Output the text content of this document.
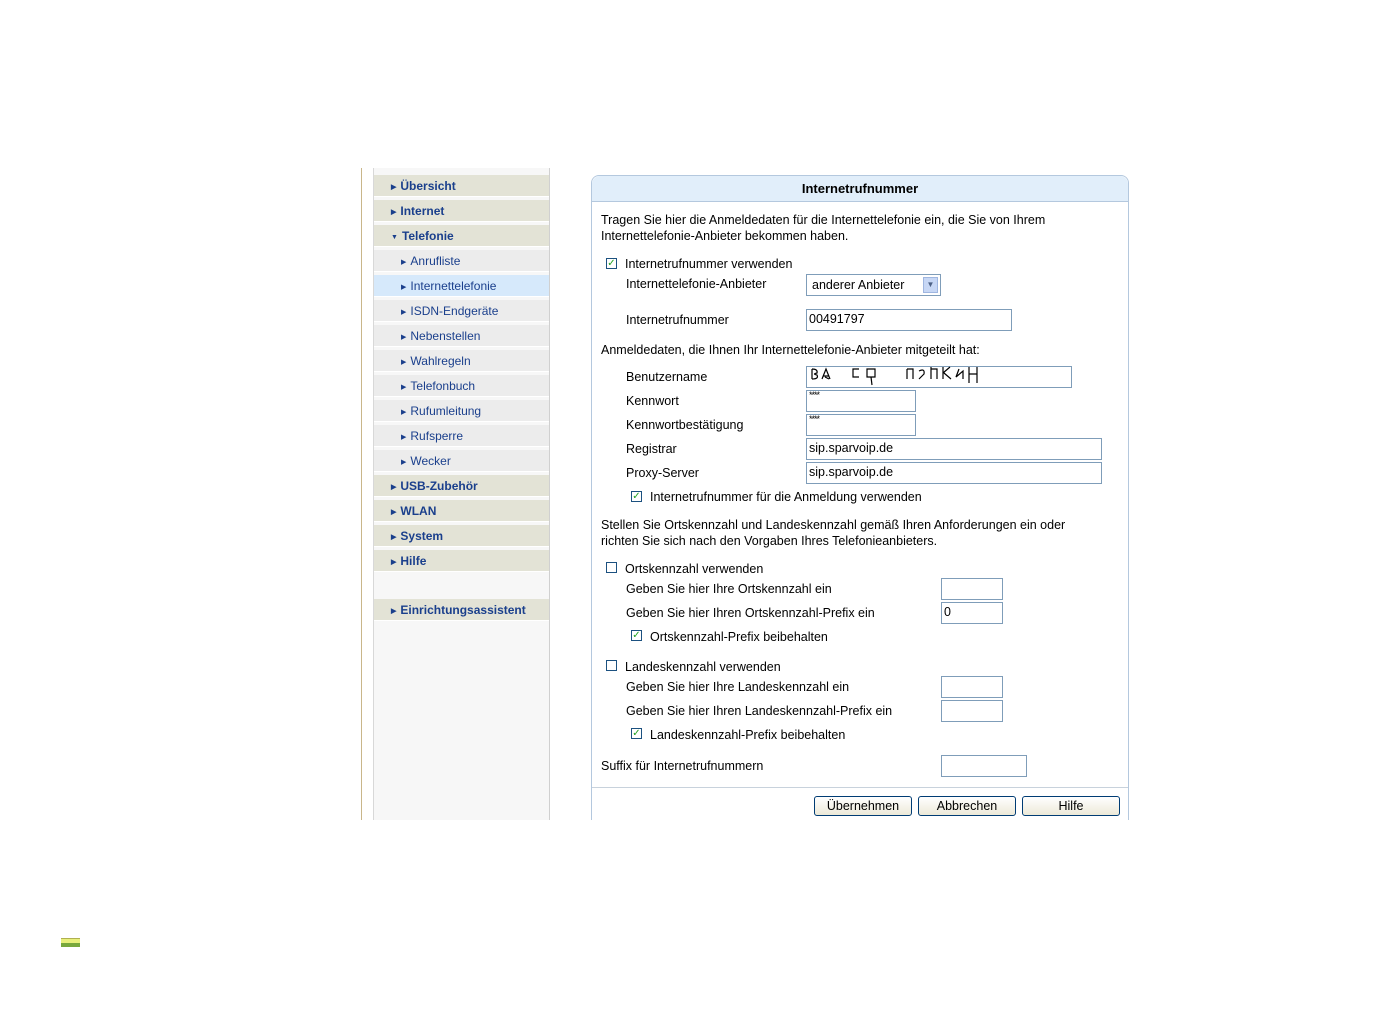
▶ Übersicht
▶ Internet
▼ Telefonie
▶ Anrufliste
▶ Internettelefonie
▶ ISDN-Endgeräte
▶ Nebenstellen
▶ Wahlregeln
▶ Telefonbuch
▶ Rufumleitung
▶ Rufsperre
▶ Wecker
▶ USB-Zubehör
▶ WLAN
▶ System
▶ Hilfe
▶ Einrichtungsassistent
Internetrufnummer
Tragen Sie hier die Anmeldedaten für die Internettelefonie ein, die Sie von Ihrem Internettelefonie-Anbieter bekommen haben.
✓ Internetrufnummer verwenden
Internettelefonie-Anbieter	anderer Anbieter	▼
Internetrufnummer	00491797
Anmeldedaten, die Ihnen Ihr Internettelefonie-Anbieter mitgeteilt hat:
Benutzername
Kennwort	****
Kennwortbestätigung	****
Registrar	sip.sparvoip.de
Proxy-Server	sip.sparvoip.de
✓ Internetrufnummer für die Anmeldung verwenden
Stellen Sie Ortskennzahl und Landeskennzahl gemäß Ihren Anforderungen ein oder richten Sie sich nach den Vorgaben Ihres Telefonieanbieters.
Ortskennzahl verwenden
Geben Sie hier Ihre Ortskennzahl ein
Geben Sie hier Ihren Ortskennzahl-Prefix ein	0
✓ Ortskennzahl-Prefix beibehalten
Landeskennzahl verwenden
Geben Sie hier Ihre Landeskennzahl ein
Geben Sie hier Ihren Landeskennzahl-Prefix ein
✓ Landeskennzahl-Prefix beibehalten
Suffix für Internetrufnummern
Übernehmen	Abbrechen	Hilfe
